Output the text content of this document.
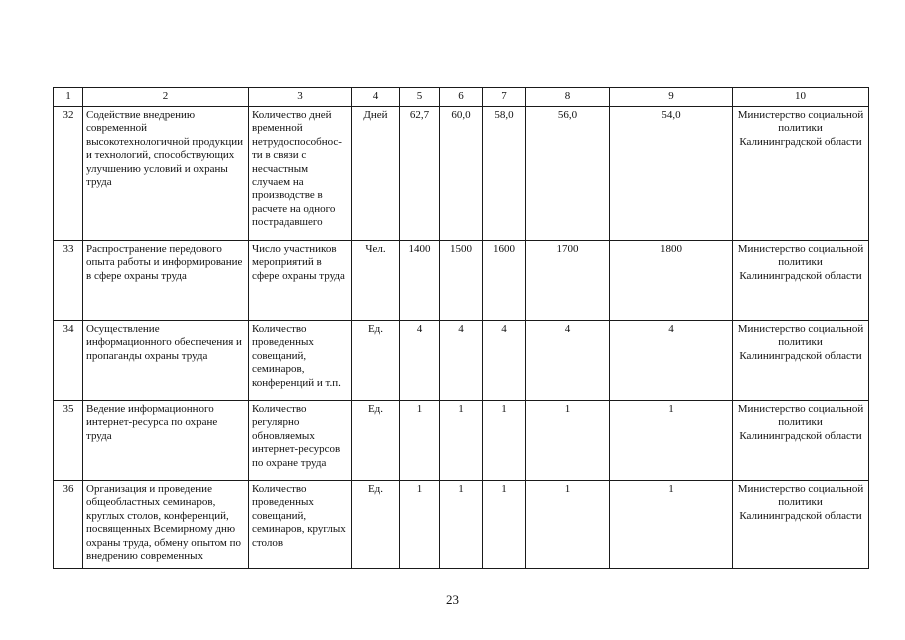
1	2	3	4	5	6	7	8	9	10
32	Содействие внедрению современной высокотехнологичной продукции и технологий, способствующих улучшению условий и охраны труда	Количество дней временной нетрудоспособнос-ти в связи с несчастным случаем на производстве в расчете на одного пострадавшего	Дней	62,7	60,0	58,0	56,0	54,0	Министерство социальной политики Калининградской области
33	Распространение передового опыта работы и информирование в сфере охраны труда	Число участников мероприятий в сфере охраны труда	Чел.	1400	1500	1600	1700	1800	Министерство социальной политики Калининградской области
34	Осуществление информационного обеспечения и пропаганды охраны труда	Количество проведенных совещаний, семинаров, конференций и т.п.	Ед.	4	4	4	4	4	Министерство социальной политики Калининградской области
35	Ведение информационного интернет-ресурса по охране труда	Количество регулярно обновляемых интернет-ресурсов по охране труда	Ед.	1	1	1	1	1	Министерство социальной политики Калининградской области
36	Организация и проведение общеобластных семинаров, круглых столов, конференций, посвященных Всемирному дню охраны труда, обмену опытом по внедрению современных	Количество проведенных совещаний, семинаров, круглых столов	Ед.	1	1	1	1	1	Министерство социальной политики Калининградской области
23
